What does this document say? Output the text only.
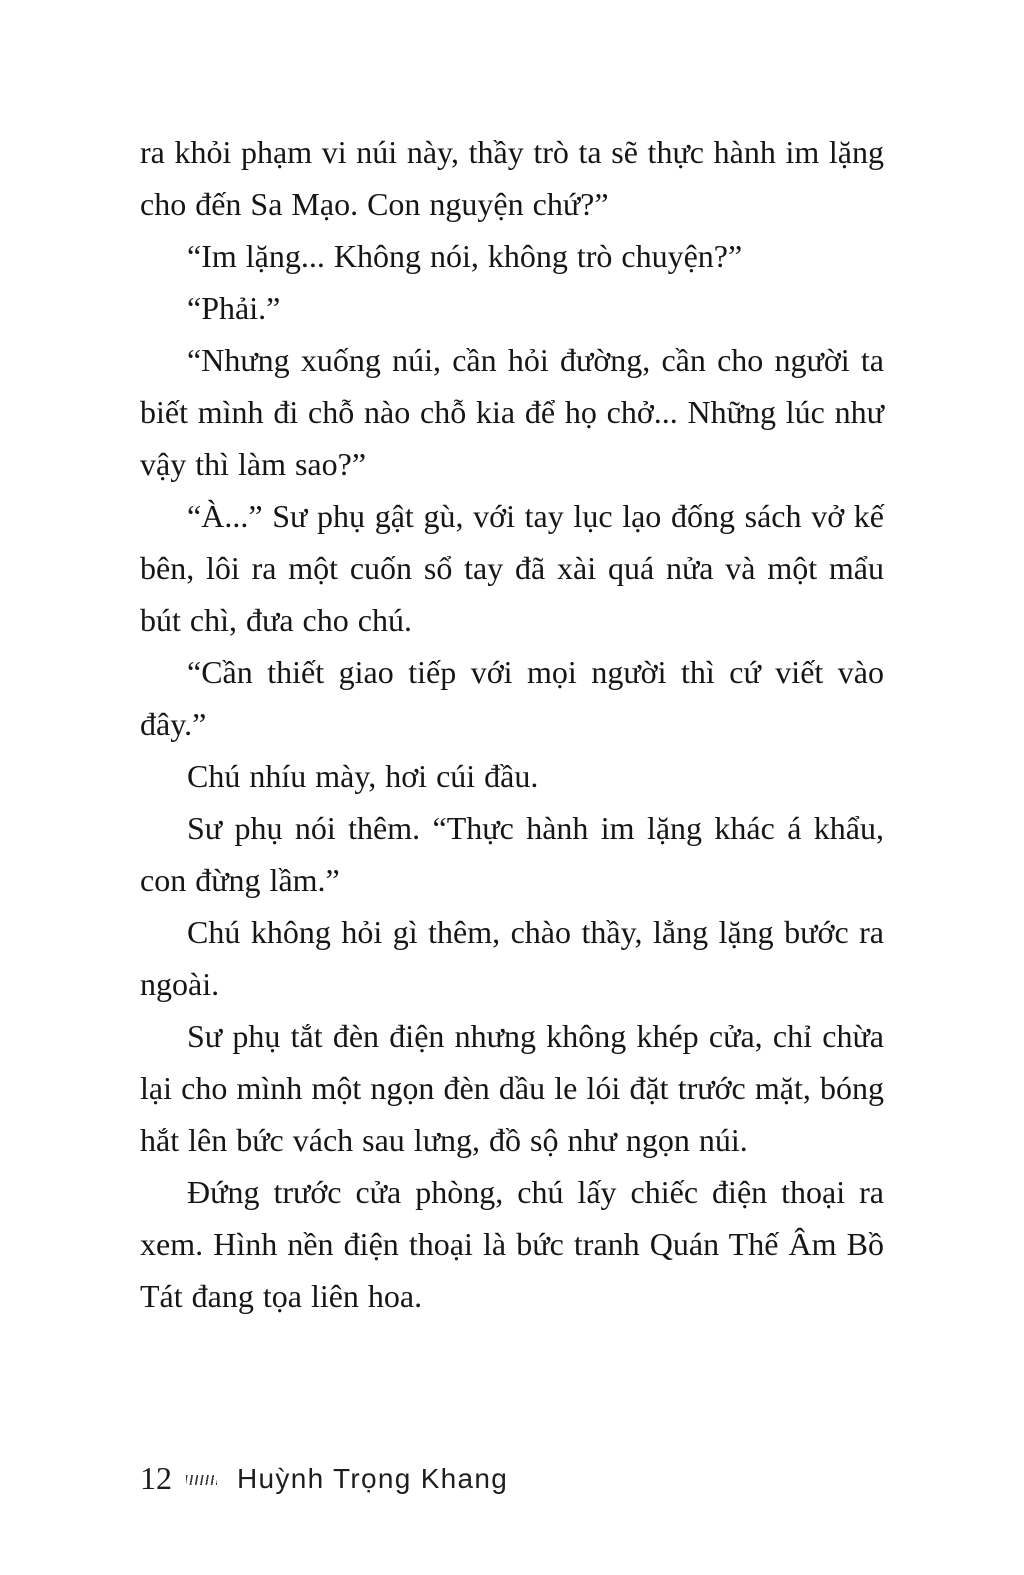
ra khỏi phạm vi núi này, thầy trò ta sẽ thực hành im lặng cho đến Sa Mạo. Con nguyện chứ?”

“Im lặng... Không nói, không trò chuyện?”

“Phải.”

“Nhưng xuống núi, cần hỏi đường, cần cho người ta biết mình đi chỗ nào chỗ kia để họ chở... Những lúc như vậy thì làm sao?”

“À...” Sư phụ gật gù, với tay lục lạo đống sách vở kế bên, lôi ra một cuốn sổ tay đã xài quá nửa và một mẩu bút chì, đưa cho chú.

“Cần thiết giao tiếp với mọi người thì cứ viết vào đây.”

Chú nhíu mày, hơi cúi đầu.

Sư phụ nói thêm. “Thực hành im lặng khác á khẩu, con đừng lầm.”

Chú không hỏi gì thêm, chào thầy, lẳng lặng bước ra ngoài.

Sư phụ tắt đèn điện nhưng không khép cửa, chỉ chừa lại cho mình một ngọn đèn dầu le lói đặt trước mặt, bóng hắt lên bức vách sau lưng, đồ sộ như ngọn núi.

Đứng trước cửa phòng, chú lấy chiếc điện thoại ra xem. Hình nền điện thoại là bức tranh Quán Thế Âm Bồ Tát đang tọa liên hoa.

12 Huỳnh Trọng Khang
